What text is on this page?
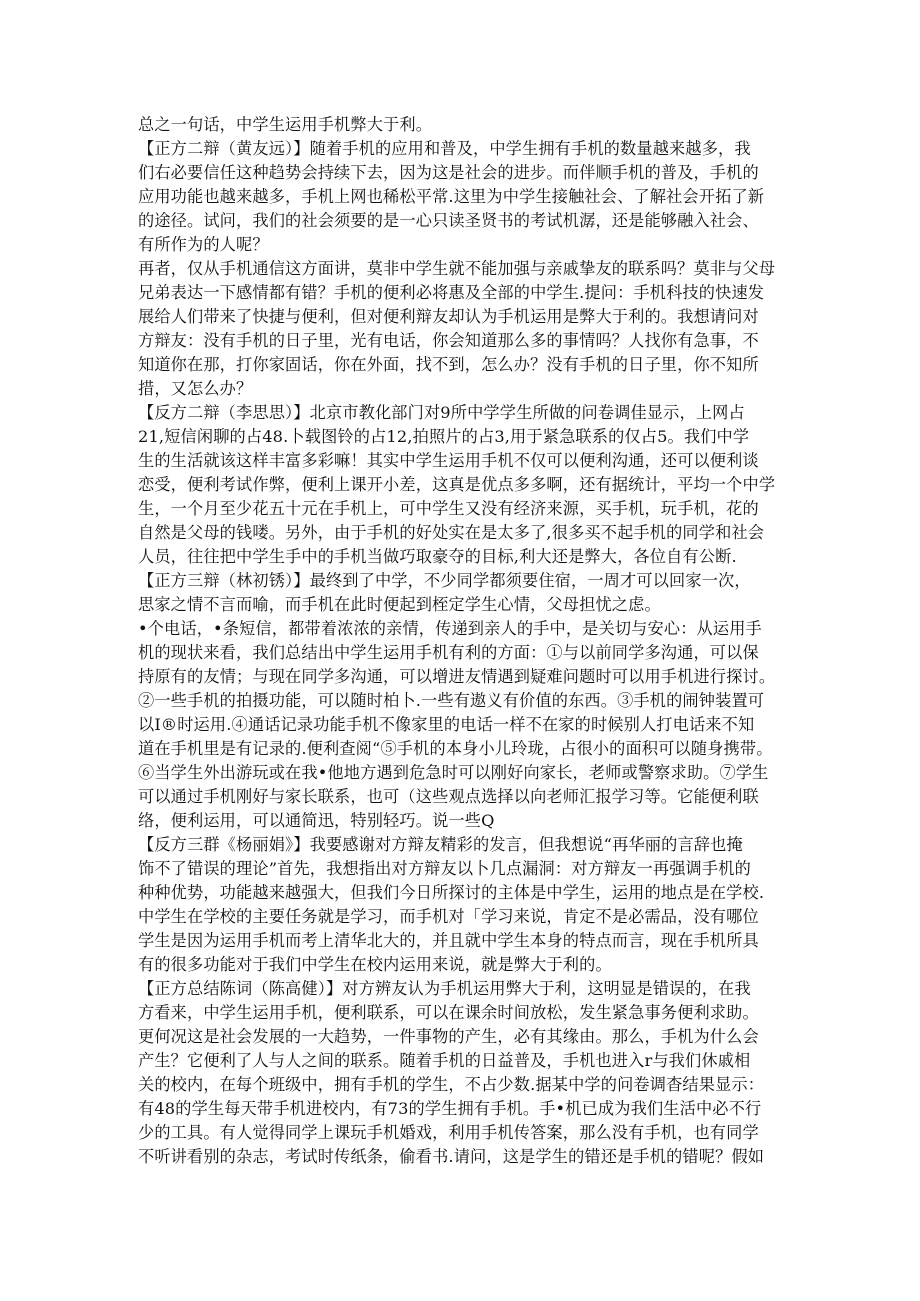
总之一句话，中学生运用手机弊大于利。
【正方二辩（黄友远）】随着手机的应用和普及，中学生拥有手机的数量越来越多，我
们右必要信任这种趋势会持续下去，因为这是社会的进步。而伴顺手机的普及，手机的
应用功能也越来越多，手机上网也稀松平常.这里为中学生接触社会、了解社会开拓了新
的途径。试问，我们的社会须要的是一心只读圣贤书的考试机潺，还是能够融入社会、
有所作为的人呢？
再者，仅从手机通信这方面讲，莫非中学生就不能加强与亲戚挚友的联系吗？莫非与父母
兄弟表达一下感情都有错？手机的便利必将惠及全部的中学生.提问：手机科技的快速发
展给人们带来了快捷与便利，但对便利辩友却认为手机运用是弊大于利的。我想请问对
方辩友：没有手机的日子里，光有电话，你会知道那么多的事情吗？人找你有急事，不
知道你在那，打你家固话，你在外面，找不到，怎么办？没有手机的日子里，你不知所
措，又怎么办？
【反方二辩（李思思）】北京市教化部门对9所中学学生所做的问卷调佳显示，上网占
21,短信闲聊的占48.卜载图铃的占12,拍照片的占3,用于紧急联系的仅占5。我们中学
生的生活就该这样丰富多彩嘛！其实中学生运用手机不仅可以便利沟通，还可以便利谈
恋受，便利考试作弊，便利上课开小差，这真是优点多多啊，还有据统计，平均一个中学
生，一个月至少花五十元在手机上，可中学生又没有经济来源，买手机，玩手机，花的
自然是父母的钱喽。另外，由于手机的好处实在是太多了,很多买不起手机的同学和社会
人员，往往把中学生手中的手机当做巧取豪夺的目标,利大还是弊大，各位自有公断.
【正方三辩（林初锈）】最终到了中学，不少同学都须要住宿，一周才可以回家一次，
思家之情不言而喻，而手机在此时便起到桎定学生心情，父母担忧之虑。
•个电话，•条短信，都带着浓浓的亲情，传递到亲人的手中，是关切与安心：从运用手
机的现状来看，我们总结出中学生运用手机有利的方面：①与以前同学多沟通，可以保
持原有的友情；与现在同学多沟通，可以增进友情遇到疑难问题时可以用手机进行探讨。
②一些手机的拍摄功能，可以随时柏卜.一些有遨义有价值的东西。③手机的闹钟装置可
以I®时运用.④通话记录功能手机不像家里的电话一样不在家的时候别人打电话来不知
道在手机里是有记录的.便利查阅“⑤手机的本身小儿玲珑，占很小的面积可以随身携带。
⑥当学生外出游玩或在我•他地方遇到危急时可以刚好向家长，老师或警察求助。⑦学生
可以通过手机刚好与家长联系，也可（这些观点选择以向老师汇报学习等。它能便利联
络，便利运用，可以通简迅，特别轻巧。说一些Q
【反方三群《杨丽娟》】我要感谢对方辩友精彩的发言，但我想说“再华丽的言辞也掩
饰不了错误的理论”首先，我想指出对方辩友以卜几点漏洞：对方辩友一再强调手机的
种种优势，功能越来越强大，但我们今日所探讨的主体是中学生，运用的地点是在学校.
中学生在学校的主要任务就是学习，而手机对「学习来说，肯定不是必需品，没有哪位
学生是因为运用手机而考上清华北大的，并且就中学生本身的特点而言，现在手机所具
有的很多功能对于我们中学生在校内运用来说，就是弊大于利的。
【正方总结陈词（陈高健）】对方辨友认为手机运用弊大于利，这明显是错误的，在我
方看来，中学生运用手机，便利联系，可以在课余时间放松，发生紧急事务便利求助。
更何况这是社会发展的一大趋势，一件事物的产生，必有其缘由。那么，手机为什么会
产生？它便利了人与人之间的联系。随着手机的日益普及，手机也进入r与我们休戚相
关的校内，在每个班级中，拥有手机的学生，不占少数.据某中学的问卷调杳结果显示：
有48的学生每天带手机进校内，有73的学生拥有手机。手•机已成为我们生活中必不行
少的工具。有人觉得同学上课玩手机婚戏，利用手机传答案，那么没有手机，也有同学
不听讲看别的杂志，考试时传纸条，偷看书.请问，这是学生的错还是手机的错呢？假如
